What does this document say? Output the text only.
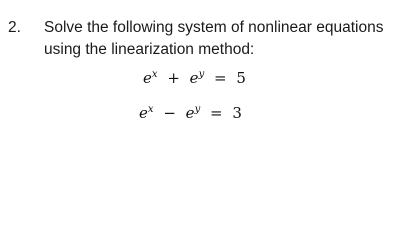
2. Solve the following system of nonlinear equations
using the linearization method:
$e^x + e^y = 5$
$e^x - e^y = 3$
